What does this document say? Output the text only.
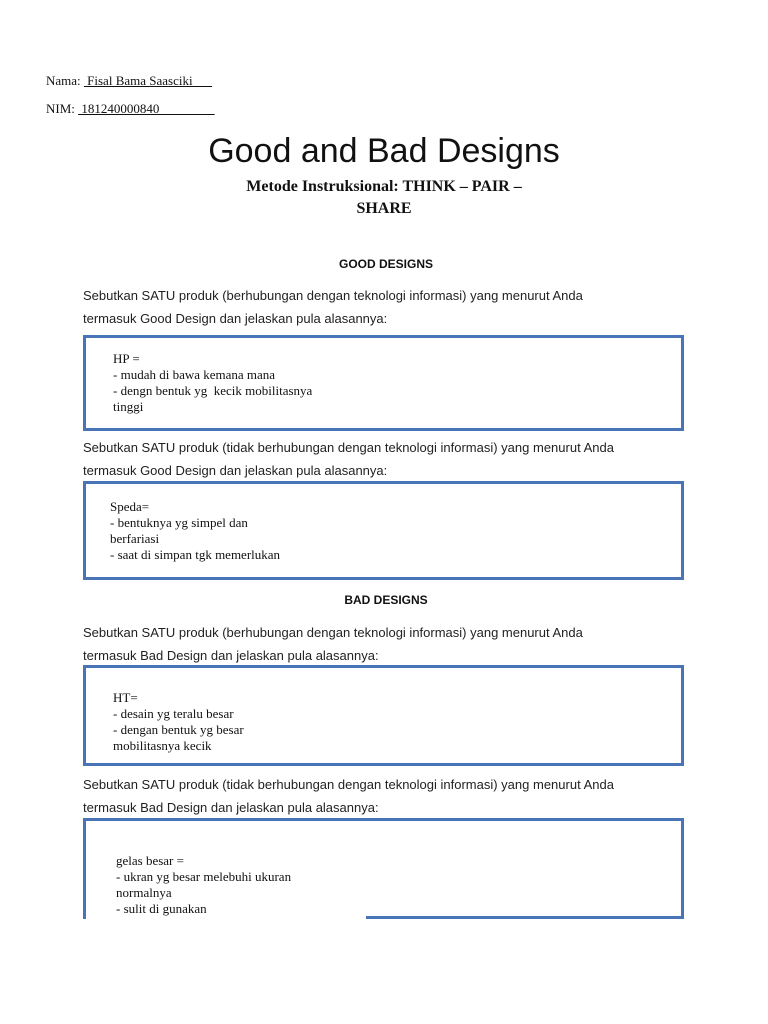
Nama:  Fisal Bama Saasciki
NIM:  181240000840
Good and Bad Designs
Metode Instruksional: THINK – PAIR –
SHARE
GOOD DESIGNS
Sebutkan SATU produk (berhubungan dengan teknologi informasi) yang menurut Anda
termasuk Good Design dan jelaskan pula alasannya:
HP =
- mudah di bawa kemana mana
- dengn bentuk yg  kecik mobilitasnya
tinggi
Sebutkan SATU produk (tidak berhubungan dengan teknologi informasi) yang menurut Anda
termasuk Good Design dan jelaskan pula alasannya:
Speda=
- bentuknya yg simpel dan
berfariasi
- saat di simpan tgk memerlukan
BAD DESIGNS
Sebutkan SATU produk (berhubungan dengan teknologi informasi) yang menurut Anda
termasuk Bad Design dan jelaskan pula alasannya:
HT=
- desain yg teralu besar
- dengan bentuk yg besar
mobilitasnya kecik
Sebutkan SATU produk (tidak berhubungan dengan teknologi informasi) yang menurut Anda
termasuk Bad Design dan jelaskan pula alasannya:
gelas besar =
- ukran yg besar melebuhi ukuran
normalnya
- sulit di gunakan
